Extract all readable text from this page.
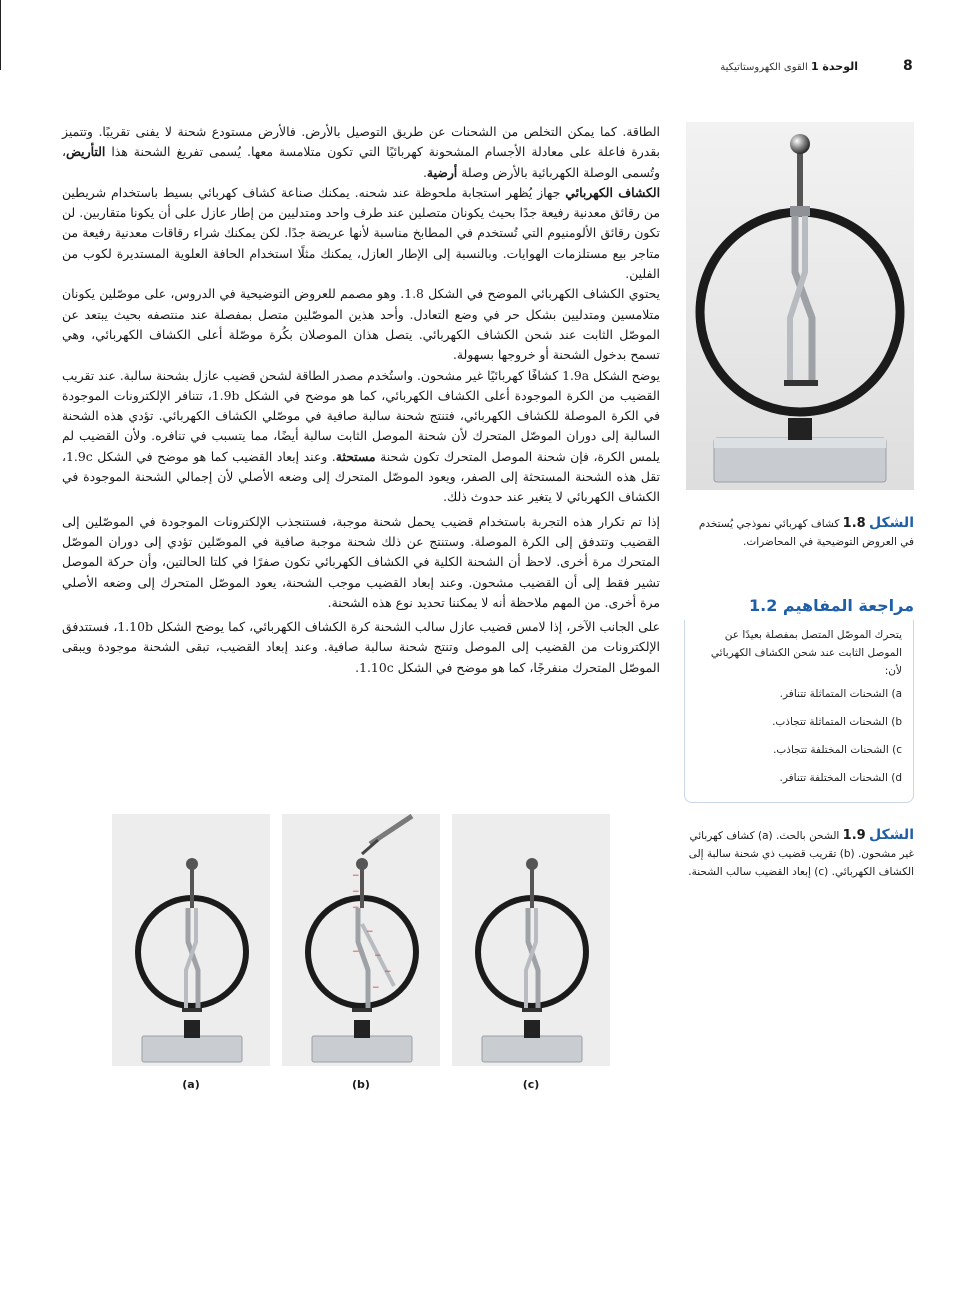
8
الوحدة 1 القوى الكهروستاتيكية

الطاقة. كما يمكن التخلص من الشحنات عن طريق التوصيل بالأرض. فالأرض مستودع شحنة لا يفنى تقريبًا. وتتميز بقدرة فاعلة على معادلة الأجسام المشحونة كهربائيًا التي تكون متلامسة معها. يُسمى تفريغ الشحنة هذا التأريض، وتُسمى الوصلة الكهربائية بالأرض وصلة أرضية.

الكشاف الكهربائي جهاز يُظهر استجابة ملحوظة عند شحنه. يمكنك صناعة كشاف كهربائي بسيط باستخدام شريطين من رقائق معدنية رفيعة جدًا بحيث يكونان متصلين عند طرف واحد ومتدليين من إطار عازل على أن يكونا متقاربين. لن تكون رقائق الألومنيوم التي تُستخدم في المطابخ مناسبة لأنها عريضة جدًا. لكن يمكنك شراء رقاقات معدنية رفيعة من متاجر بيع مستلزمات الهوايات. وبالنسبة إلى الإطار العازل، يمكنك مثلًا استخدام الحافة العلوية المستديرة لكوب من الفلين.

يحتوي الكشاف الكهربائي الموضح في الشكل 1.8. وهو مصمم للعروض التوضيحية في الدروس، على موصّلين يكونان متلامسين ومتدليين بشكل حر في وضع التعادل. وأحد هذين الموصّلين متصل بمفصلة عند منتصفه بحيث يبتعد عن الموصّل الثابت عند شحن الكشاف الكهربائي. يتصل هذان الموصلان بكُرة موصّلة أعلى الكشاف الكهربائي، وهي تسمح بدخول الشحنة أو خروجها بسهولة.

يوضح الشكل 1.9a كشافًا كهربائيًا غير مشحون. واستُخدم مصدر الطاقة لشحن قضيب عازل بشحنة سالبة. عند تقريب القضيب من الكرة الموجودة أعلى الكشاف الكهربائي، كما هو موضح في الشكل 1.9b، تتنافر الإلكترونات الموجودة في الكرة الموصلة للكشاف الكهربائي، فتنتج شحنة سالبة صافية في موصّلي الكشاف الكهربائي. تؤدي هذه الشحنة السالبة إلى دوران الموصّل المتحرك لأن شحنة الموصل الثابت سالبة أيضًا، مما يتسبب في تنافره. ولأن القضيب لم يلمس الكرة، فإن شحنة الموصل المتحرك تكون شحنة مستحثة. وعند إبعاد القضيب كما هو موضح في الشكل 1.9c، تقل هذه الشحنة المستحثة إلى الصفر، ويعود الموصّل المتحرك إلى وضعه الأصلي لأن إجمالي الشحنة الموجودة في الكشاف الكهربائي لا يتغير عند حدوث ذلك.

إذا تم تكرار هذه التجربة باستخدام قضيب يحمل شحنة موجبة، فستنجذب الإلكترونات الموجودة في الموصّلين إلى القضيب وتتدفق إلى الكرة الموصلة. وستنتج عن ذلك شحنة موجبة صافية في الموصّلين تؤدي إلى دوران الموصّل المتحرك مرة أخرى. لاحظ أن الشحنة الكلية في الكشاف الكهربائي تكون صفرًا في كلتا الحالتين، وأن حركة الموصل تشير فقط إلى أن القضيب مشحون. وعند إبعاد القضيب موجب الشحنة، يعود الموصّل المتحرك إلى وضعه الأصلي مرة أخرى. من المهم ملاحظة أنه لا يمكننا تحديد نوع هذه الشحنة.

على الجانب الآخر، إذا لامس قضيب عازل سالب الشحنة كرة الكشاف الكهربائي، كما يوضح الشكل 1.10b، فستتدفق الإلكترونات من القضيب إلى الموصل وتنتج شحنة سالبة صافية. وعند إبعاد القضيب، تبقى الشحنة موجودة ويبقى الموصّل المتحرك منفرجًا، كما هو موضح في الشكل 1.10c.

الشكل 1.8 كشاف كهربائي نموذجي يُستخدم في العروض التوضيحية في المحاضرات.
مراجعة المفاهيم 1.2
يتحرك الموصّل المتصل بمفصلة بعيدًا عن الموصل الثابت عند شحن الكشاف الكهربائي لأن:
a) الشحنات المتماثلة تتنافر.
b) الشحنات المتماثلة تتجاذب.
c) الشحنات المختلفة تتجاذب.
d) الشحنات المختلفة تتنافر.
−
−
−
−
− −
−
−
(a)	(b)	(c)
الشكل 1.9 الشحن بالحث. (a) كشاف كهربائي غير مشحون. (b) تقريب قضيب ذي شحنة سالبة إلى الكشاف الكهربائي. (c) إبعاد القضيب سالب الشحنة.
